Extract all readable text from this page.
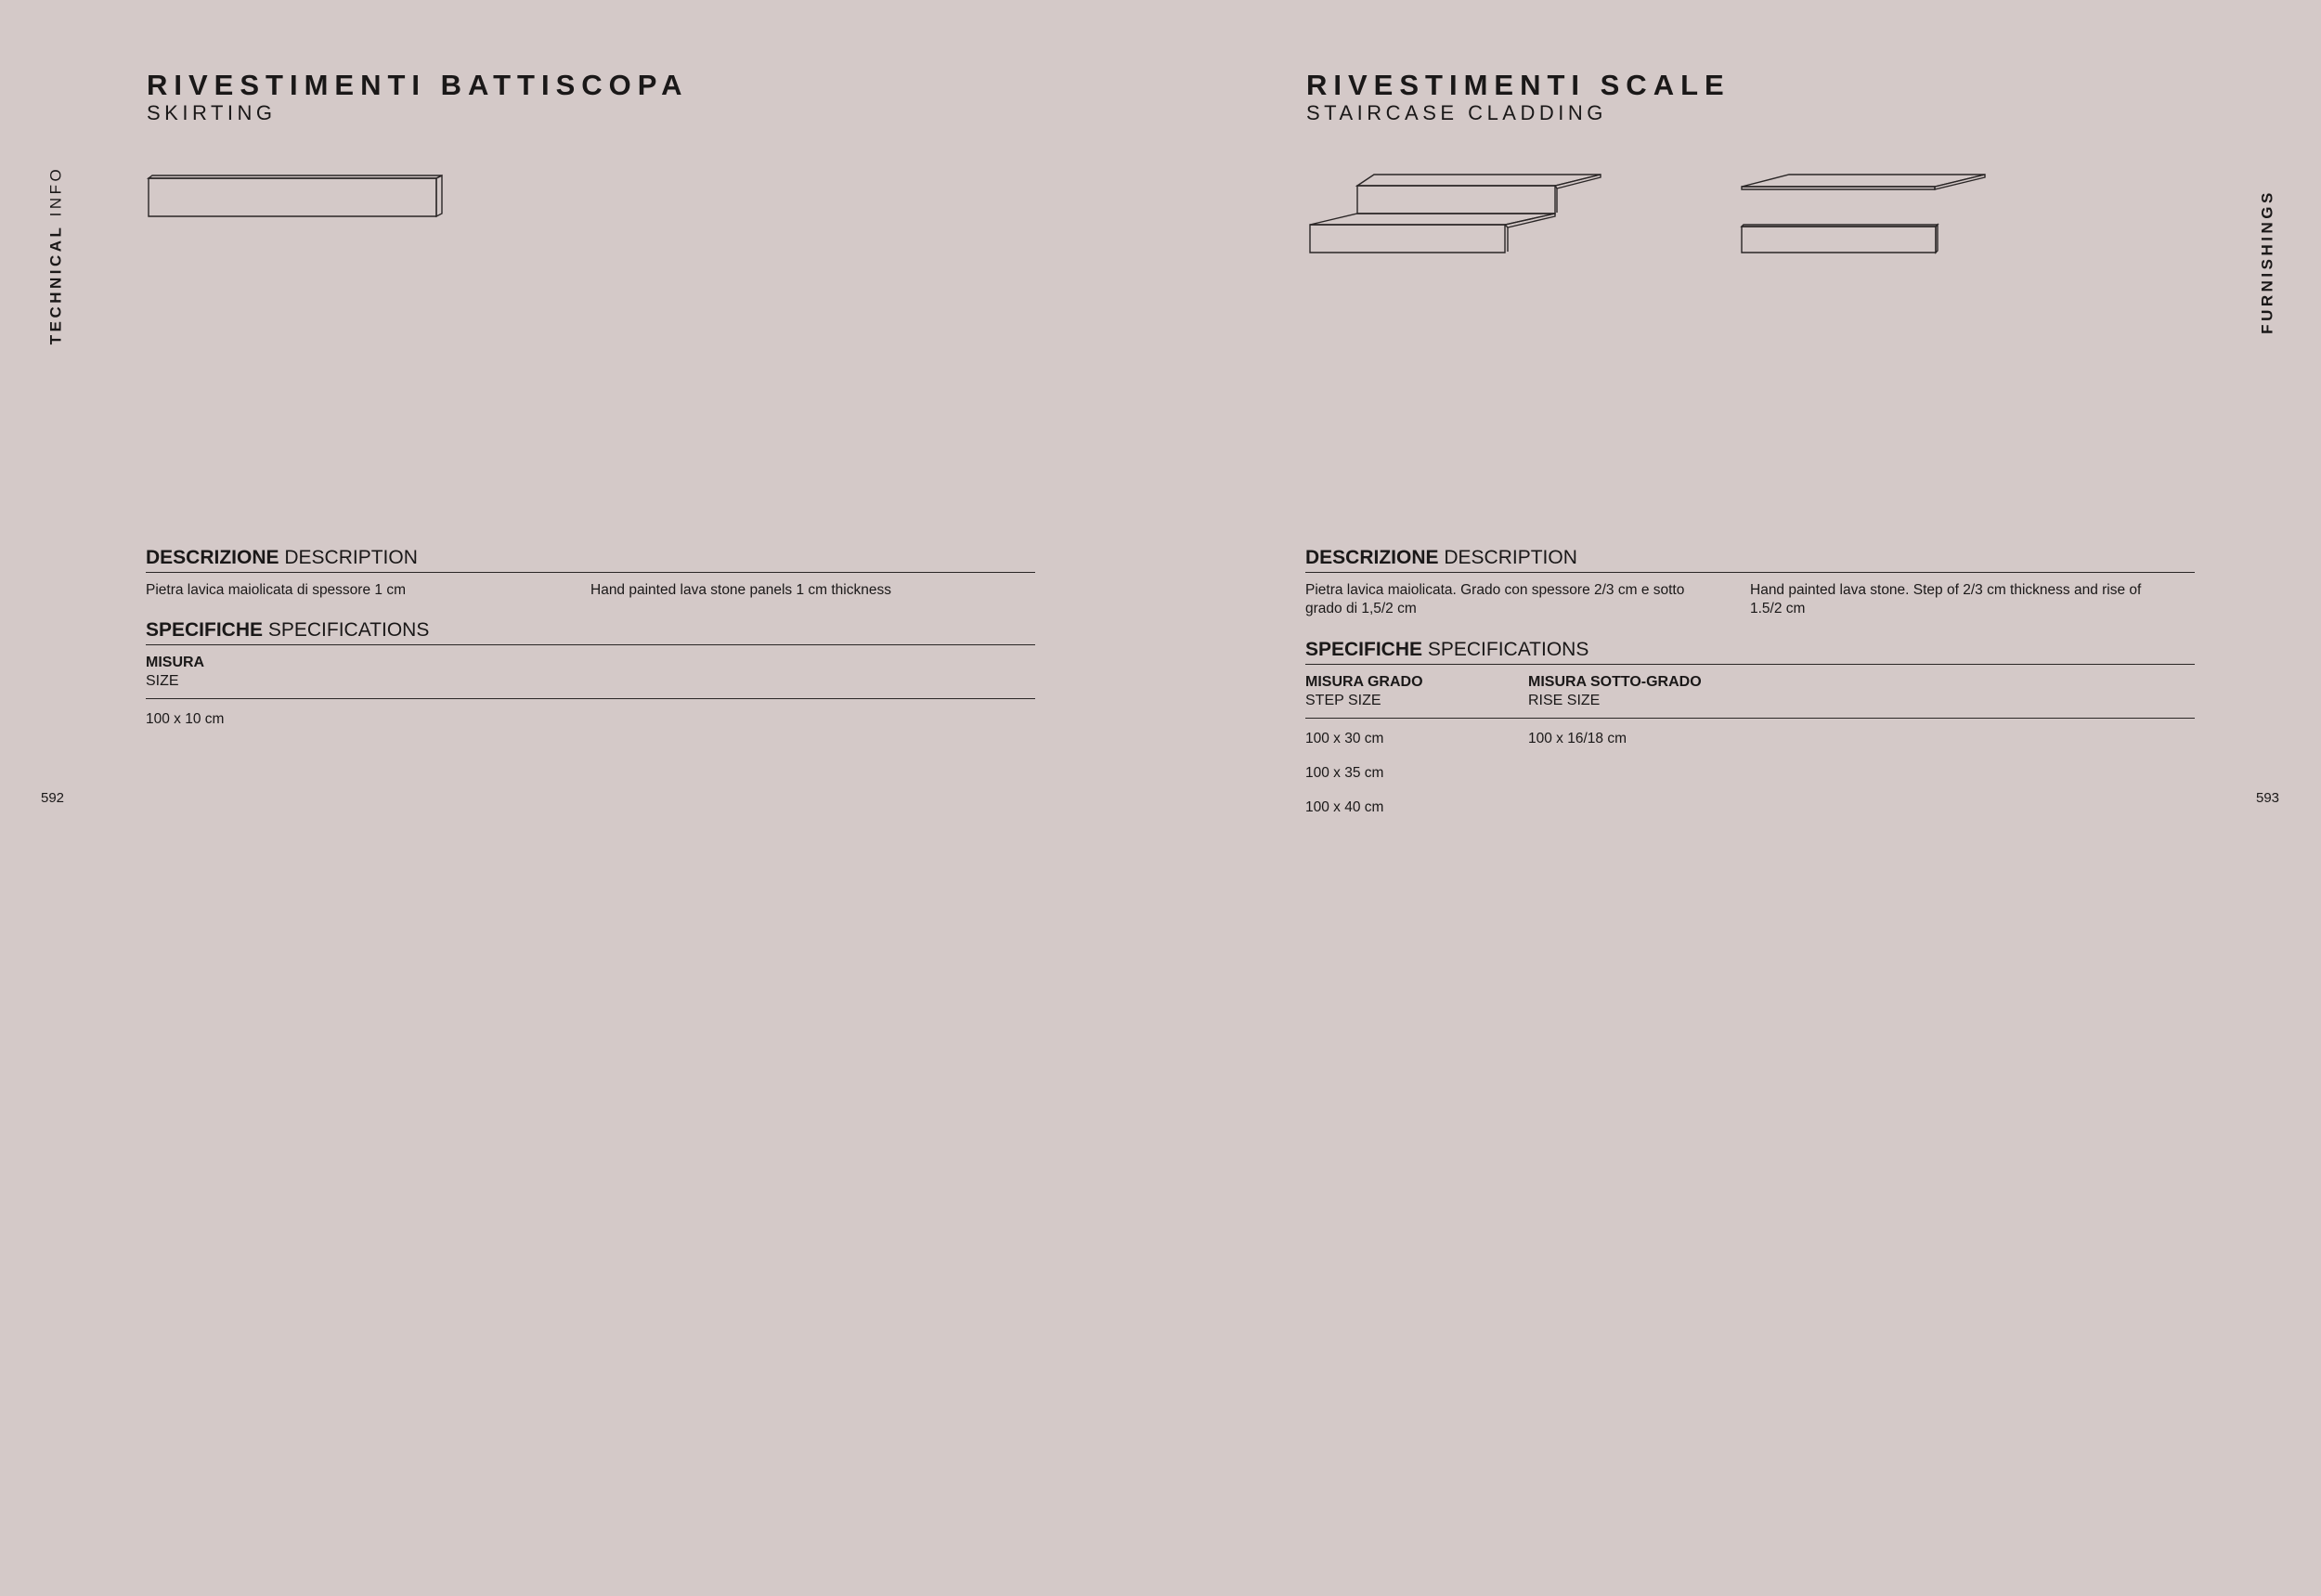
TECHNICAL INFO
RIVESTIMENTI BATTISCOPA
SKIRTING
DESCRIZIONE DESCRIPTION
Pietra lavica maiolicata di spessore 1 cm	Hand painted lava stone panels 1 cm thickness
SPECIFICHE SPECIFICATIONS
MISURA
SIZE
100 x 10 cm
592
RIVESTIMENTI SCALE
STAIRCASE CLADDING
DESCRIZIONE DESCRIPTION
Pietra lavica maiolicata. Grado con spessore 2/3 cm e sotto grado di 1,5/2 cm
Hand painted lava stone. Step of 2/3 cm thickness and rise of 1.5/2 cm
SPECIFICHE SPECIFICATIONS
MISURA GRADO
STEP SIZE
MISURA SOTTO-GRADO
RISE SIZE
100 x 30 cm
100 x 35 cm
100 x 40 cm
100 x 16/18 cm
FURNISHINGS
593
